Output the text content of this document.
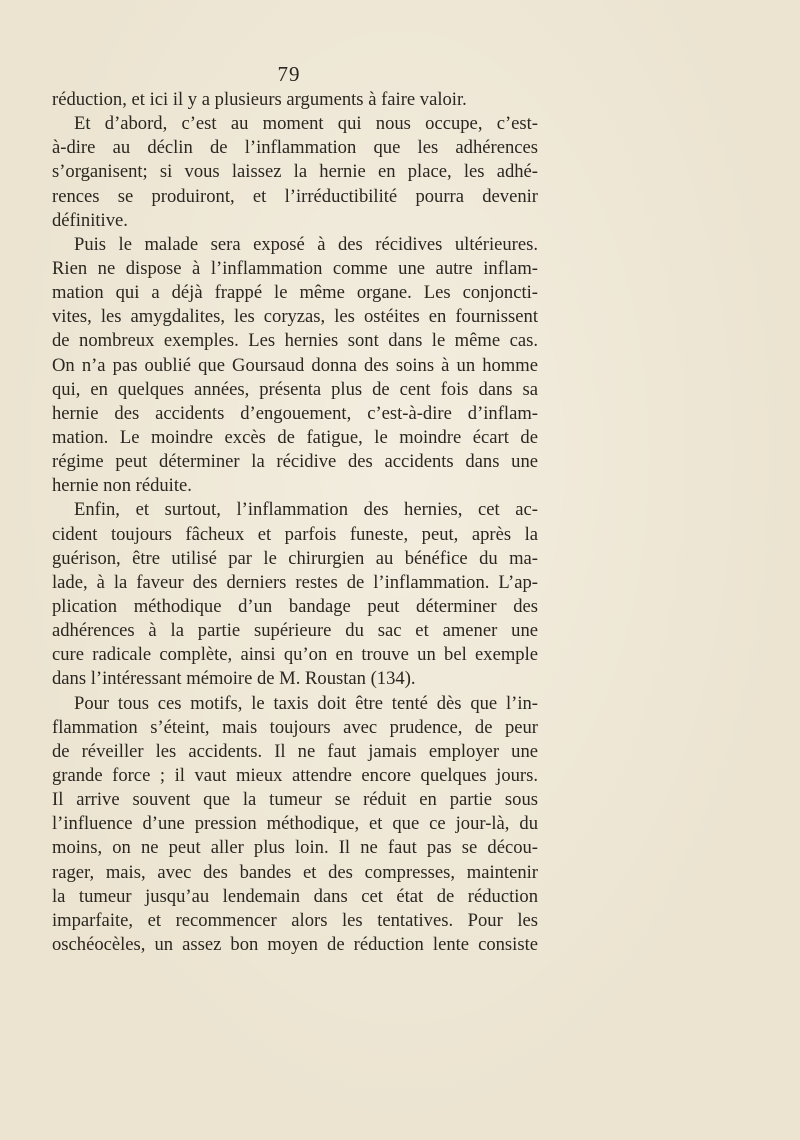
79
réduction, et ici il y a plusieurs arguments à faire valoir.
Et d’abord, c’est au moment qui nous occupe, c’est-
à-dire au déclin de l’inflammation que les adhérences
s’organisent; si vous laissez la hernie en place, les adhé-
rences se produiront, et l’irréductibilité pourra devenir
définitive.
Puis le malade sera exposé à des récidives ultérieures.
Rien ne dispose à l’inflammation comme une autre inflam-
mation qui a déjà frappé le même organe. Les conjoncti-
vites, les amygdalites, les coryzas, les ostéites en fournissent
de nombreux exemples. Les hernies sont dans le même cas.
On n’a pas oublié que Goursaud donna des soins à un homme
qui, en quelques années, présenta plus de cent fois dans sa
hernie des accidents d’engouement, c’est-à-dire d’inflam-
mation. Le moindre excès de fatigue, le moindre écart de
régime peut déterminer la récidive des accidents dans une
hernie non réduite.
Enfin, et surtout, l’inflammation des hernies, cet ac-
cident toujours fâcheux et parfois funeste, peut, après la
guérison, être utilisé par le chirurgien au bénéfice du ma-
lade, à la faveur des derniers restes de l’inflammation. L’ap-
plication méthodique d’un bandage peut déterminer des
adhérences à la partie supérieure du sac et amener une
cure radicale complète, ainsi qu’on en trouve un bel exemple
dans l’intéressant mémoire de M. Roustan (134).
Pour tous ces motifs, le taxis doit être tenté dès que l’in-
flammation s’éteint, mais toujours avec prudence, de peur
de réveiller les accidents. Il ne faut jamais employer une
grande force ; il vaut mieux attendre encore quelques jours.
Il arrive souvent que la tumeur se réduit en partie sous
l’influence d’une pression méthodique, et que ce jour-là, du
moins, on ne peut aller plus loin. Il ne faut pas se décou-
rager, mais, avec des bandes et des compresses, maintenir
la tumeur jusqu’au lendemain dans cet état de réduction
imparfaite, et recommencer alors les tentatives. Pour les
oschéocèles, un assez bon moyen de réduction lente consiste
